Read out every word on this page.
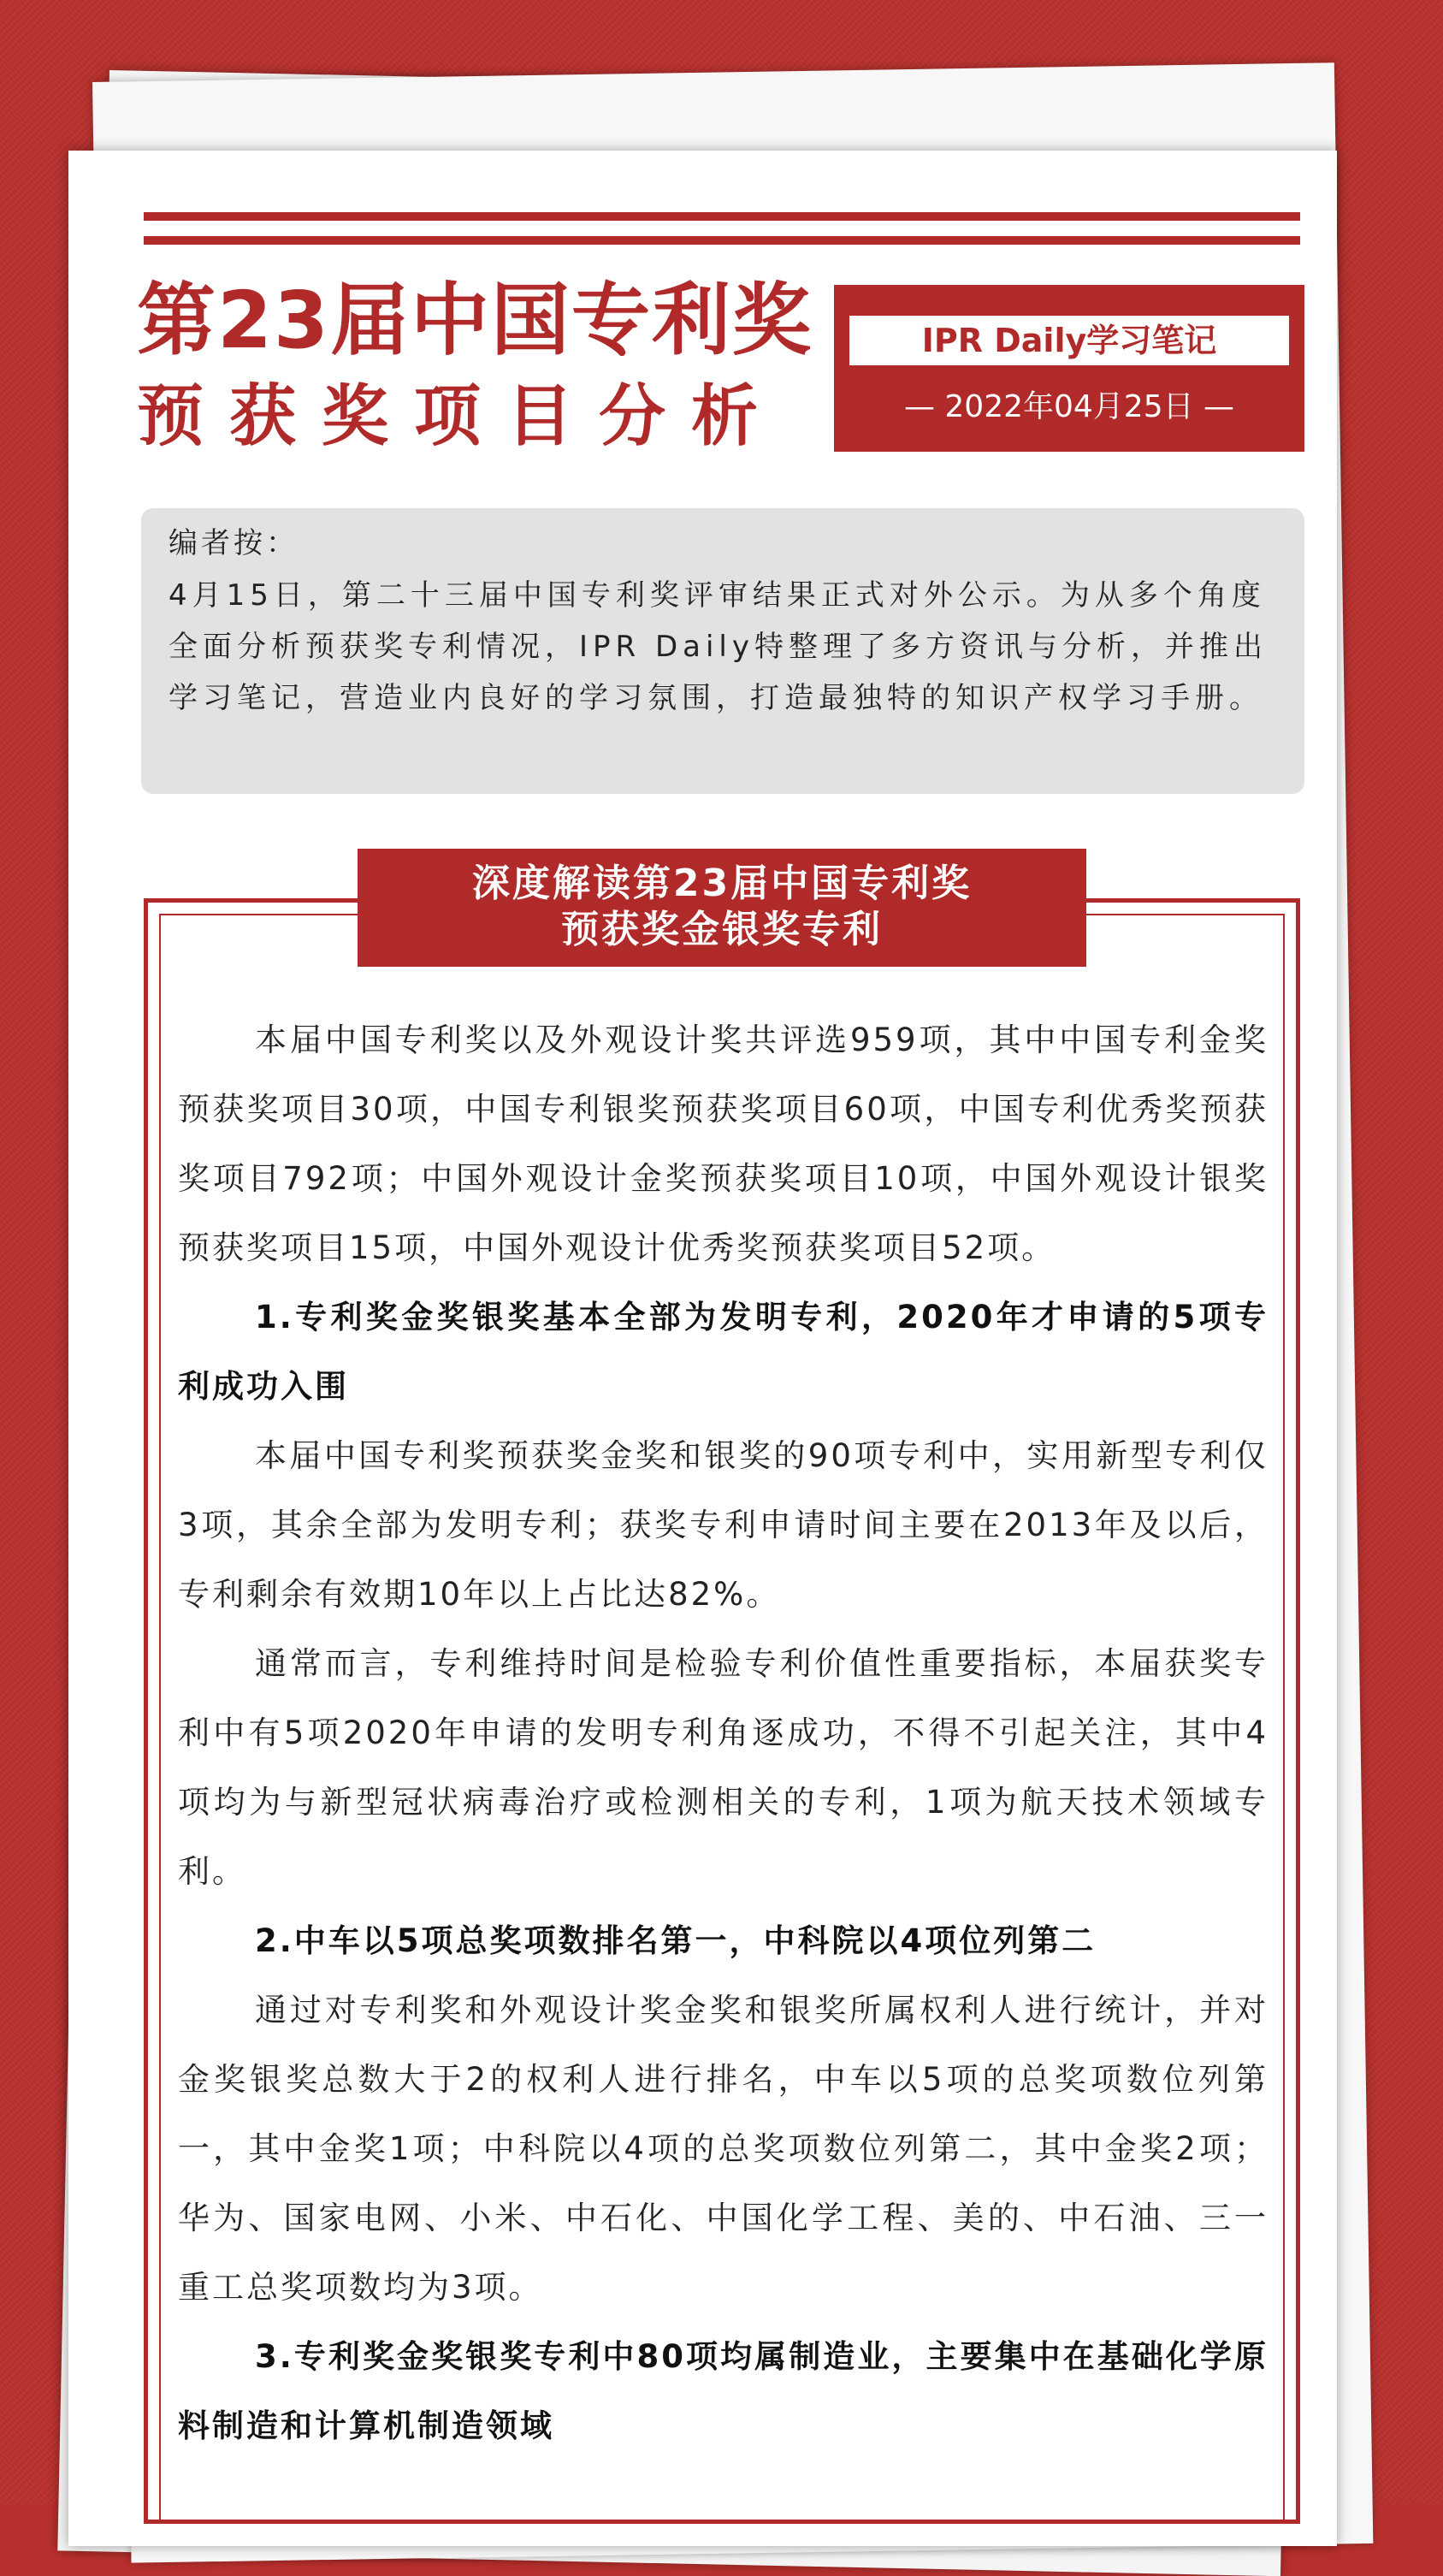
第23届中国专利奖
预获奖项目分析
IPR Daily学习笔记
— 2022年04月25日 —
编者按：
4月15日，第二十三届中国专利奖评审结果正式对外公示。为从多个角度全面分析预获奖专利情况，IPR Daily特整理了多方资讯与分析，并推出学习笔记，营造业内良好的学习氛围，打造最独特的知识产权学习手册。
深度解读第23届中国专利奖
预获奖金银奖专利

本届中国专利奖以及外观设计奖共评选959项，其中中国专利金奖预获奖项目30项，中国专利银奖预获奖项目60项，中国专利优秀奖预获奖项目792项；中国外观设计金奖预获奖项目10项，中国外观设计银奖预获奖项目15项，中国外观设计优秀奖预获奖项目52项。

1.专利奖金奖银奖基本全部为发明专利，2020年才申请的5项专利成功入围

本届中国专利奖预获奖金奖和银奖的90项专利中，实用新型专利仅3项，其余全部为发明专利；获奖专利申请时间主要在2013年及以后，专利剩余有效期10年以上占比达82%。

通常而言，专利维持时间是检验专利价值性重要指标，本届获奖专利中有5项2020年申请的发明专利角逐成功，不得不引起关注，其中4项均为与新型冠状病毒治疗或检测相关的专利，1项为航天技术领域专利。

2.中车以5项总奖项数排名第一，中科院以4项位列第二

通过对专利奖和外观设计奖金奖和银奖所属权利人进行统计，并对金奖银奖总数大于2的权利人进行排名，中车以5项的总奖项数位列第一，其中金奖1项；中科院以4项的总奖项数位列第二，其中金奖2项；华为、国家电网、小米、中石化、中国化学工程、美的、中石油、三一重工总奖项数均为3项。

3.专利奖金奖银奖专利中80项均属制造业，主要集中在基础化学原料制造和计算机制造领域
